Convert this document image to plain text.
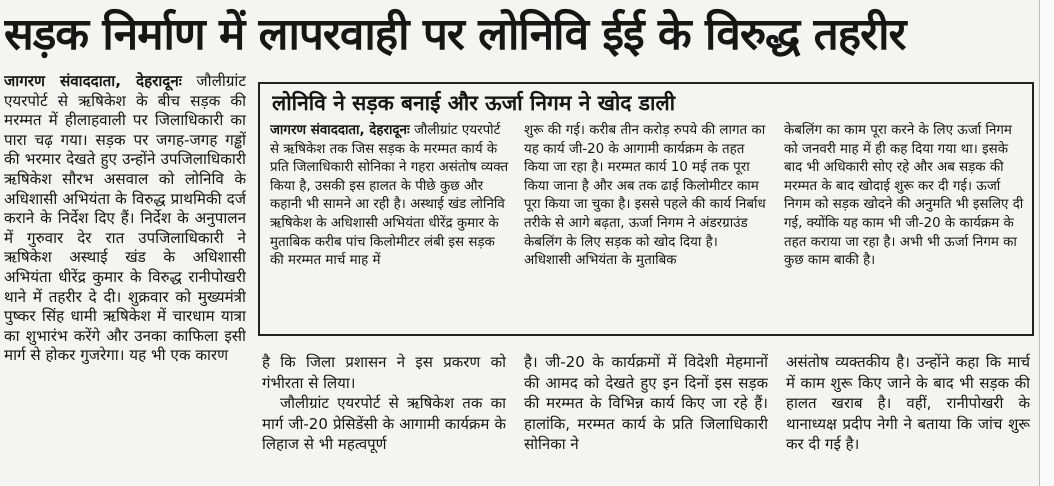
सड़क निर्माण में लापरवाही पर लोनिवि ईई के विरुद्ध तहरीर

जागरण संवाददाता, देहरादूनः जौलीग्रांट एयरपोर्ट से ऋषिकेश के बीच सड़क की मरम्मत में हीलाहवाली पर जिलाधिकारी का पारा चढ़ गया। सड़क पर जगह-जगह गड्ढों की भरमार देखते हुए उन्होंने उपजिलाधिकारी ऋषिकेश सौरभ असवाल को लोनिवि के अधिशासी अभियंता के विरुद्ध प्राथमिकी दर्ज कराने के निर्देश दिए हैं। निर्देश के अनुपालन में गुरुवार देर रात उपजिलाधिकारी ने ऋषिकेश अस्थाई खंड के अधिशासी अभियंता धीरेंद्र कुमार के विरुद्ध रानीपोखरी थाने में तहरीर दे दी। शुक्रवार को मुख्यमंत्री पुष्कर सिंह धामी ऋषिकेश में चारधाम यात्रा का शुभारंभ करेंगे और उनका काफिला इसी मार्ग से होकर गुजरेगा। यह भी एक कारण

लोनिवि ने सड़क बनाई और ऊर्जा निगम ने खोद डाली

जागरण संवाददाता, देहरादूनः जौलीग्रांट एयरपोर्ट से ऋषिकेश तक जिस सड़क के मरम्मत कार्य के प्रति जिलाधिकारी सोनिका ने गहरा असंतोष व्यक्त किया है, उसकी इस हालत के पीछे कुछ और कहानी भी सामने आ रही है। अस्थाई खंड लोनिवि ऋषिकेश के अधिशासी अभियंता धीरेंद्र कुमार के मुताबिक करीब पांच किलोमीटर लंबी इस सड़क की मरम्मत मार्च माह में

शुरू की गई। करीब तीन करोड़ रुपये की लागत का यह कार्य जी-20 के आगामी कार्यक्रम के तहत किया जा रहा है। मरम्मत कार्य 10 मई तक पूरा किया जाना है और अब तक ढाई किलोमीटर काम पूरा किया जा चुका है। इससे पहले की कार्य निर्बाध तरीके से आगे बढ़ता, ऊर्जा निगम ने अंडरग्राउंड केबलिंग के लिए सड़क को खोद दिया है। अधिशासी अभियंता के मुताबिक

केबलिंग का काम पूरा करने के लिए ऊर्जा निगम को जनवरी माह में ही कह दिया गया था। इसके बाद भी अधिकारी सोए रहे और अब सड़क की मरम्मत के बाद खोदाई शुरू कर दी गई। ऊर्जा निगम को सड़क खोदने की अनुमति भी इसलिए दी गई, क्योंकि यह काम भी जी-20 के कार्यक्रम के तहत कराया जा रहा है। अभी भी ऊर्जा निगम का कुछ काम बाकी है।

है कि जिला प्रशासन ने इस प्रकरण को गंभीरता से लिया।

जौलीग्रांट एयरपोर्ट से ऋषिकेश तक का मार्ग जी-20 प्रेसिडेंसी के आगामी कार्यक्रम के लिहाज से भी महत्वपूर्ण

है। जी-20 के कार्यक्रमों में विदेशी मेहमानों की आमद को देखते हुए इन दिनों इस सड़क की मरम्मत के विभिन्न कार्य किए जा रहे हैं। हालांकि, मरम्मत कार्य के प्रति जिलाधिकारी सोनिका ने

असंतोष व्यक्तकीय है। उन्होंने कहा कि मार्च में काम शुरू किए जाने के बाद भी सड़क की हालत खराब है। वहीं, रानीपोखरी के थानाध्यक्ष प्रदीप नेगी ने बताया कि जांच शुरू कर दी गई है।
